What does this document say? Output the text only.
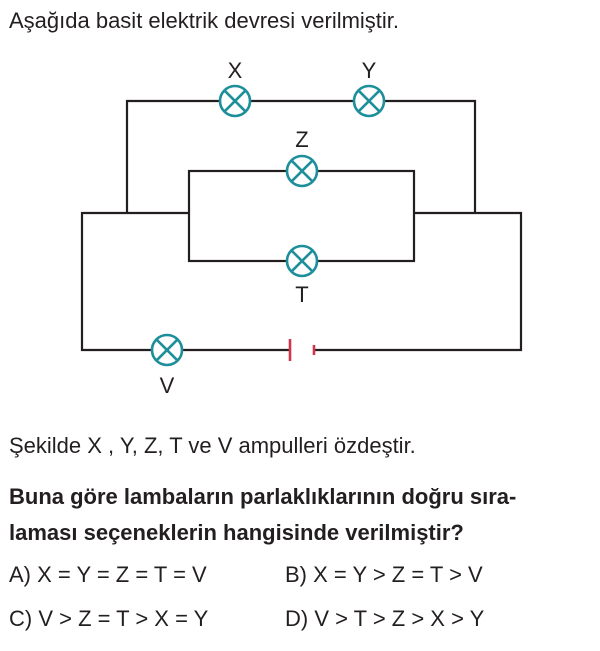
Aşağıda basit elektrik devresi verilmiştir.
X	Y
Z
T
V
Şekilde X , Y, Z, T ve V ampulleri özdeştir.
Buna göre lambaların parlaklıklarının doğru sıra-
laması seçeneklerin hangisinde verilmiştir?
A) X = Y = Z = T = V	B) X = Y > Z = T > V
C) V > Z = T > X = Y	D) V > T > Z > X > Y
